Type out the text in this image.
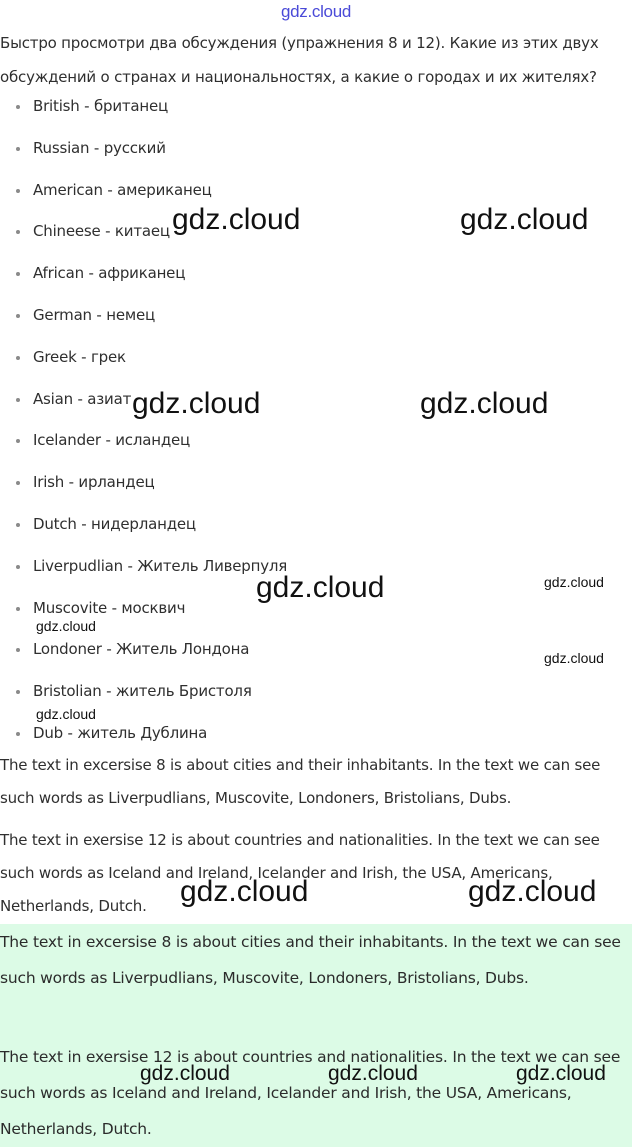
gdz.cloud
Быстро просмотри два обсуждения (упражнения 8 и 12). Какие из этих двух обсуждений о странах и национальностях, а какие о городах и их жителях?
British - британец
Russian - русский
American - американец
Chineese - китаец
African - африканец
German - немец
Greek - грек
Asian - азиат
Icelander - исландец
Irish - ирландец
Dutch - нидерландец
Liverpudlian - Житель Ливерпуля
Muscovite - москвич
Londoner - Житель Лондона
Bristolian - житель Бристоля
Dub - житель Дублина
The text in excersise 8 is about cities and their inhabitants. In the text we can see such words as Liverpudlians, Muscovite, Londoners, Bristolians, Dubs.
The text in exersise 12 is about countries and nationalities. In the text we can see such words as Iceland and Ireland, Icelander and Irish, the USA, Americans, Netherlands, Dutch.
The text in excersise 8 is about cities and their inhabitants. In the text we can see such words as Liverpudlians, Muscovite, Londoners, Bristolians, Dubs.
The text in exersise 12 is about countries and nationalities. In the text we can see such words as Iceland and Ireland, Icelander and Irish, the USA, Americans, Netherlands, Dutch.
gdz.cloud	gdz.cloud
gdz.cloud	gdz.cloud
gdz.cloud	gdz.cloud
gdz.cloud
gdz.cloud
gdz.cloud
gdz.cloud	gdz.cloud
gdz.cloud	gdz.cloud	gdz.cloud
